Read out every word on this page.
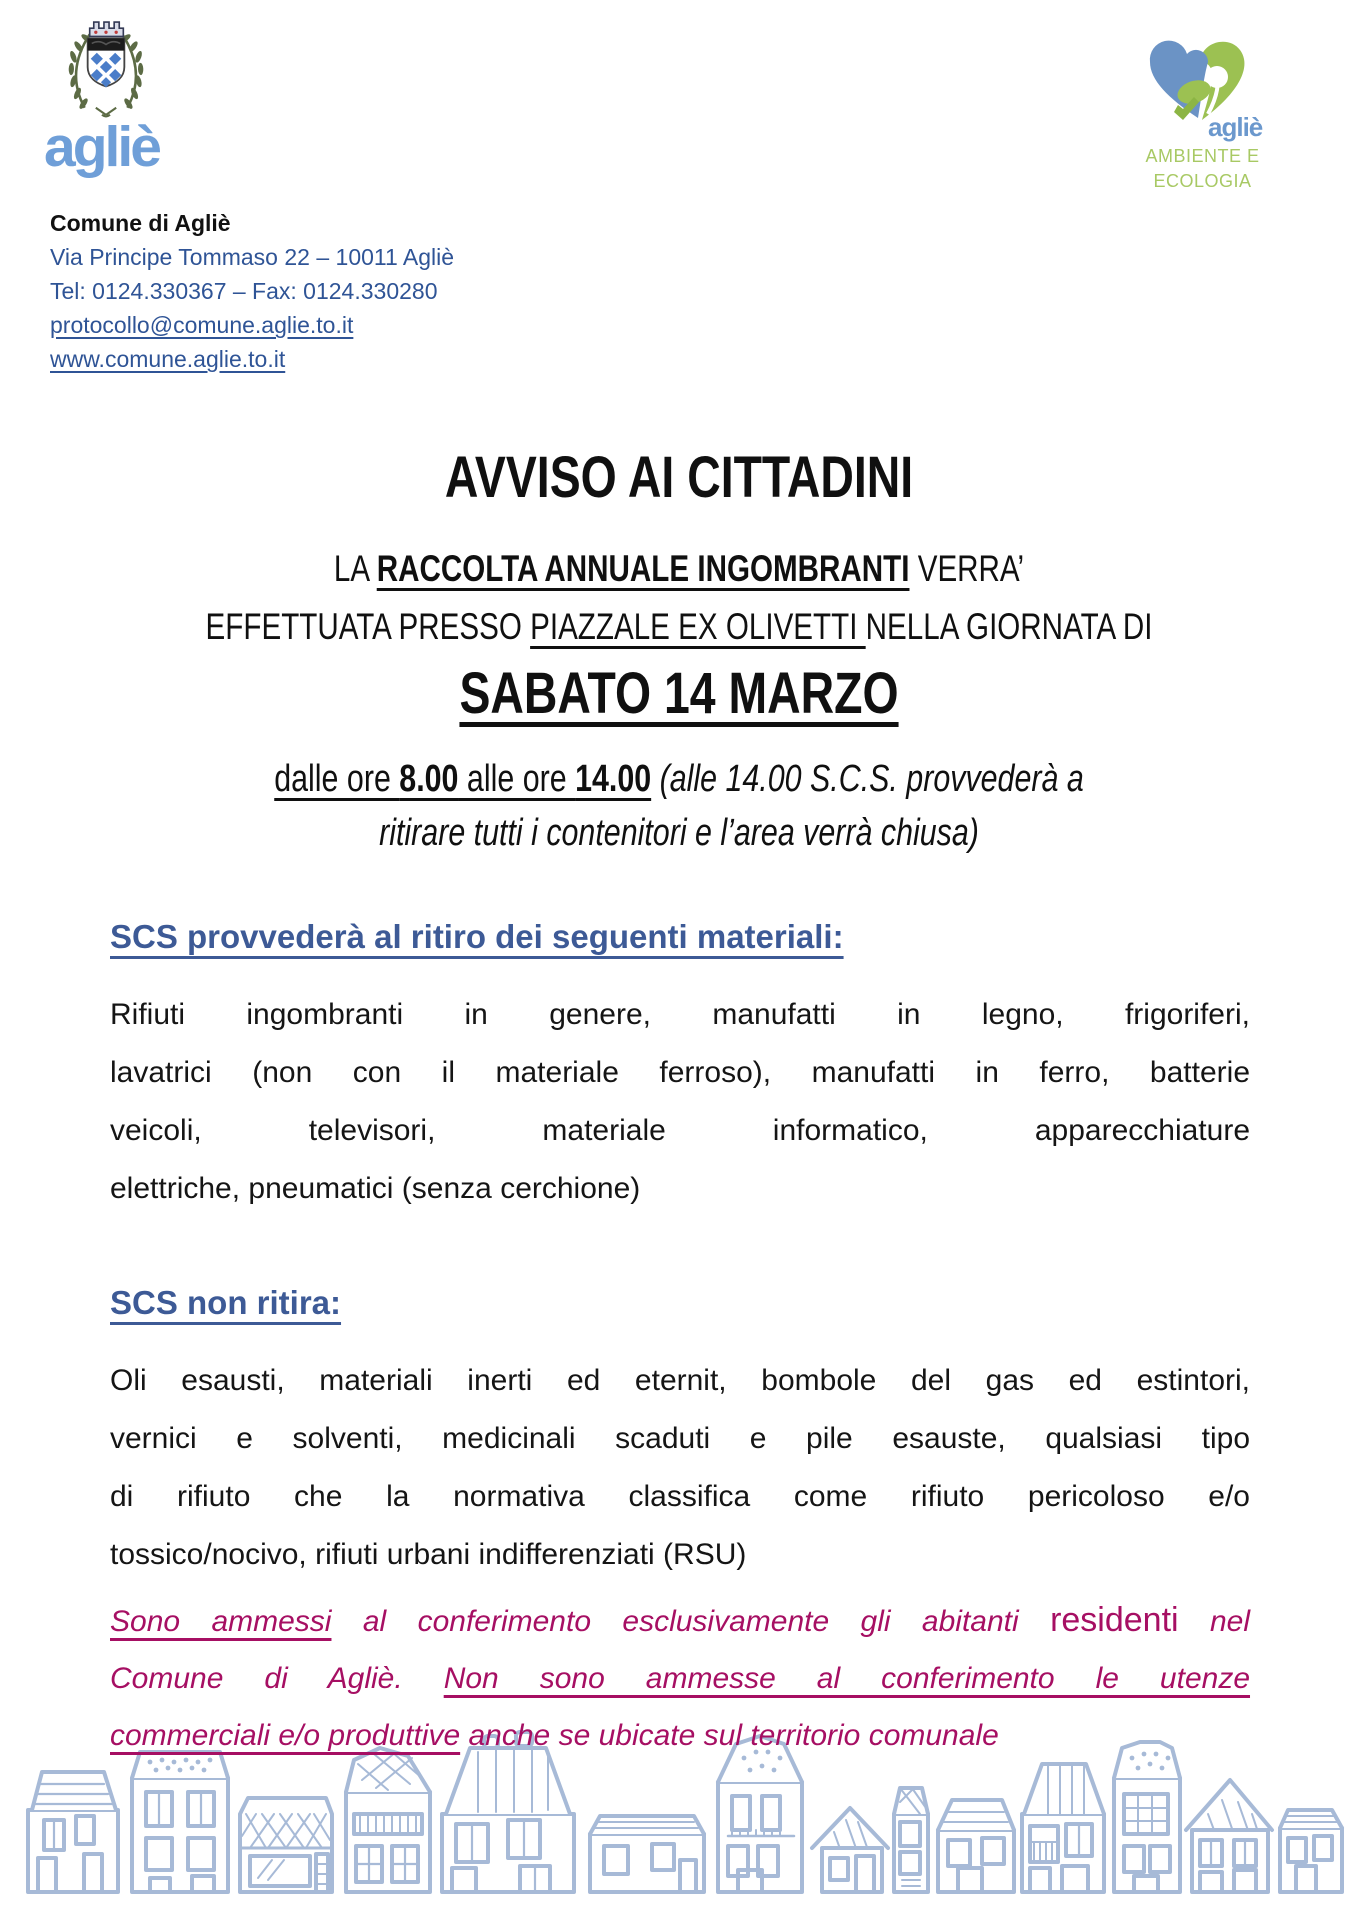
agliè
Comune di Agliè
Via Principe Tommaso 22 – 10011 Agliè
Tel: 0124.330367 – Fax: 0124.330280
protocollo@comune.aglie.to.it
www.comune.aglie.to.it
agliè
AMBIENTE E
ECOLOGIA
AVVISO AI CITTADINI
LA RACCOLTA ANNUALE INGOMBRANTI VERRA’
EFFETTUATA PRESSO PIAZZALE EX OLIVETTI NELLA GIORNATA DI
SABATO 14 MARZO
dalle ore 8.00 alle ore 14.00 (alle 14.00 S.C.S. provvederà a
ritirare tutti i contenitori e l’area verrà chiusa)
SCS provvederà al ritiro dei seguenti materiali:
Rifiuti ingombranti in genere, manufatti in legno, frigoriferi,
lavatrici (non con il materiale ferroso), manufatti in ferro, batterie
veicoli, televisori, materiale informatico, apparecchiature
elettriche, pneumatici (senza cerchione)
SCS non ritira:
Oli esausti, materiali inerti ed eternit, bombole del gas ed estintori,
vernici e solventi, medicinali scaduti e pile esauste, qualsiasi tipo
di rifiuto che la normativa classifica come rifiuto pericoloso e/o
tossico/nocivo, rifiuti urbani indifferenziati (RSU)
Sono ammessi al conferimento esclusivamente gli abitanti residenti nel
Comune di Agliè. Non sono ammesse al conferimento le utenze
commerciali e/o produttive anche se ubicate sul territorio comunale
